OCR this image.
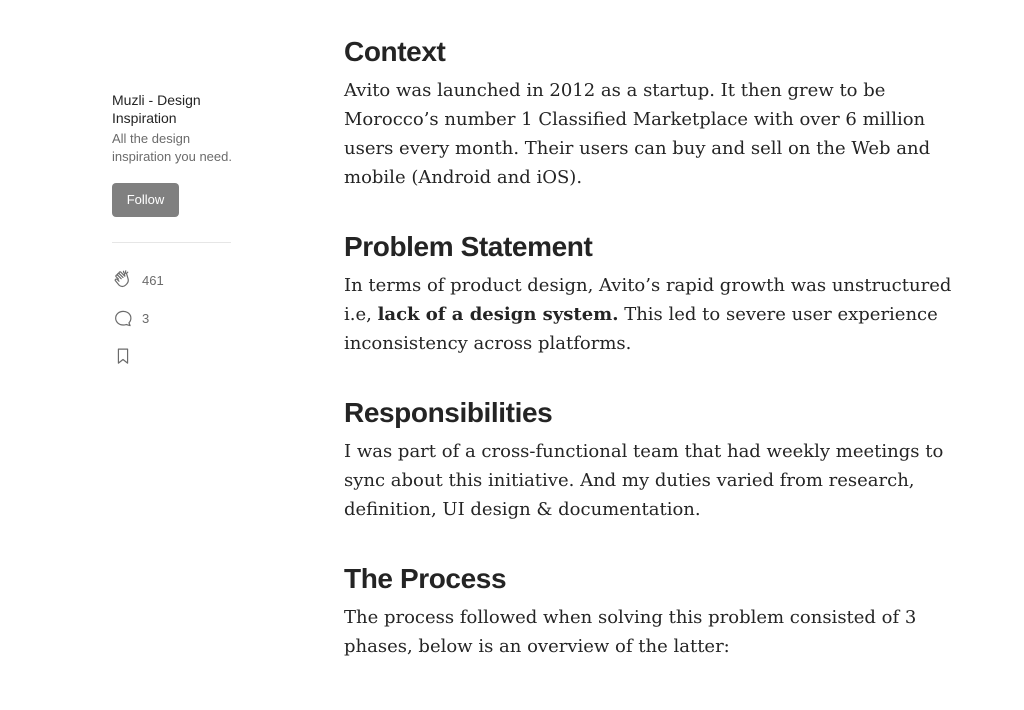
Muzli - Design Inspiration
All the design inspiration you need.
Follow
461
3
Context

Avito was launched in 2012 as a startup. It then grew to be Morocco’s number 1 Classified Marketplace with over 6 million users every month. Their users can buy and sell on the Web and mobile (Android and iOS).

Problem Statement

In terms of product design, Avito’s rapid growth was unstructured i.e, lack of a design system. This led to severe user experience inconsistency across platforms.

Responsibilities

I was part of a cross-functional team that had weekly meetings to sync about this initiative. And my duties varied from research, definition, UI design & documentation.

The Process

The process followed when solving this problem consisted of 3 phases, below is an overview of the latter:
